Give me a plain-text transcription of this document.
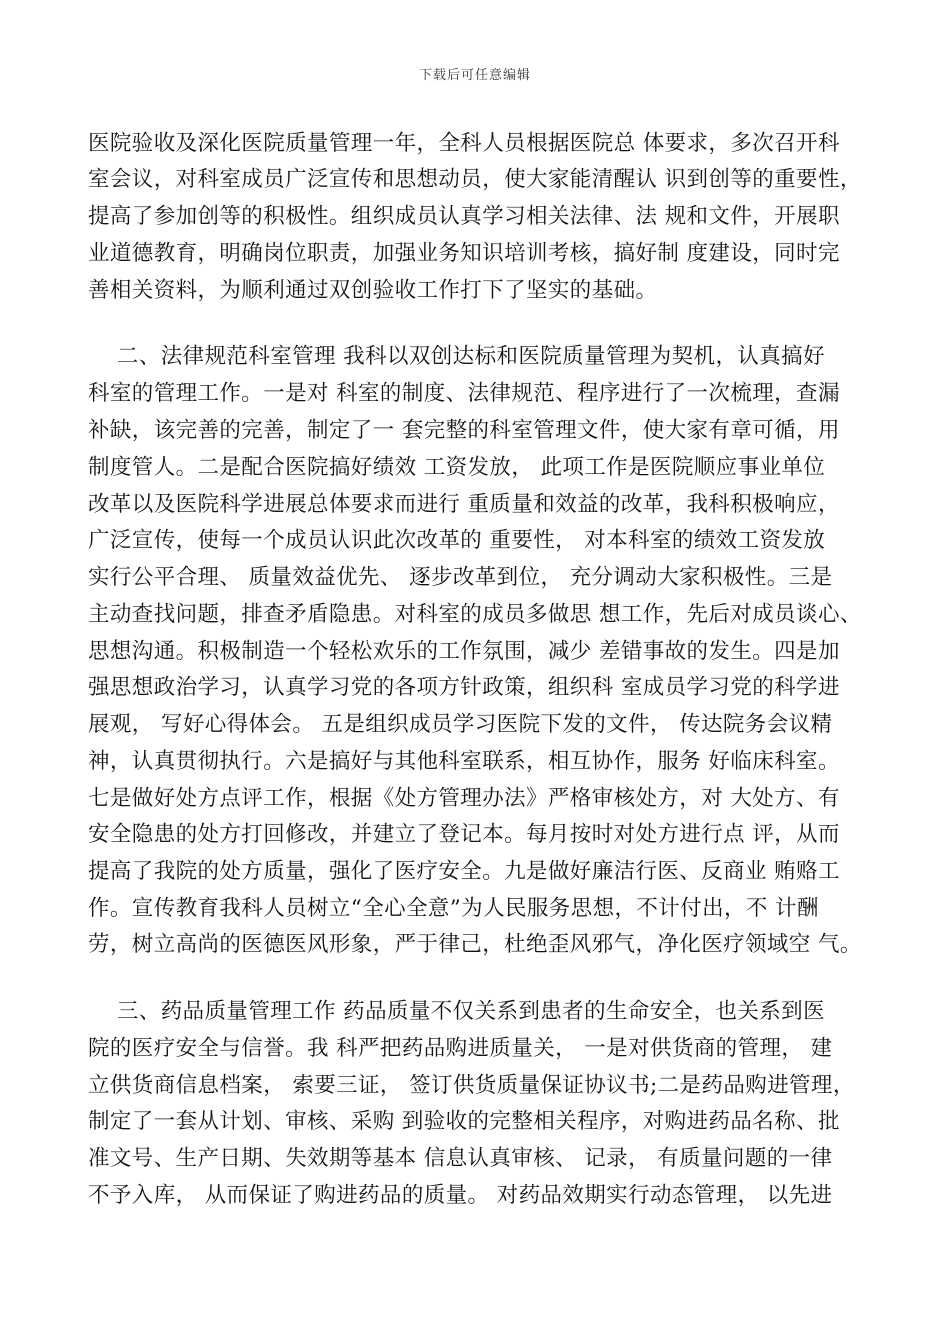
下载后可任意编辑
医院验收及深化医院质量管理一年，全科人员根据医院总 体要求，多次召开科
室会议，对科室成员广泛宣传和思想动员，使大家能清醒认 识到创等的重要性，
提高了参加创等的积极性。组织成员认真学习相关法律、法 规和文件，开展职
业道德教育，明确岗位职责，加强业务知识培训考核，搞好制 度建设，同时完
善相关资料，为顺利通过双创验收工作打下了坚实的基础。
二、法律规范科室管理 我科以双创达标和医院质量管理为契机，认真搞好
科室的管理工作。一是对 科室的制度、法律规范、程序进行了一次梳理，查漏
补缺，该完善的完善，制定了一 套完整的科室管理文件，使大家有章可循，用
制度管人。二是配合医院搞好绩效 工资发放， 此项工作是医院顺应事业单位
改革以及医院科学进展总体要求而进行 重质量和效益的改革，我科积极响应，
广泛宣传，使每一个成员认识此次改革的 重要性， 对本科室的绩效工资发放
实行公平合理、 质量效益优先、 逐步改革到位， 充分调动大家积极性。三是
主动查找问题，排查矛盾隐患。对科室的成员多做思 想工作，先后对成员谈心、
思想沟通。积极制造一个轻松欢乐的工作氛围，减少 差错事故的发生。四是加
强思想政治学习，认真学习党的各项方针政策，组织科 室成员学习党的科学进
展观， 写好心得体会。 五是组织成员学习医院下发的文件， 传达院务会议精
神，认真贯彻执行。六是搞好与其他科室联系，相互协作，服务 好临床科室。
七是做好处方点评工作，根据《处方管理办法》严格审核处方，对 大处方、有
安全隐患的处方打回修改，并建立了登记本。每月按时对处方进行点 评，从而
提高了我院的处方质量，强化了医疗安全。九是做好廉洁行医、反商业 贿赂工
作。宣传教育我科人员树立“全心全意”为人民服务思想，不计付出，不 计酬
劳，树立高尚的医德医风形象，严于律己，杜绝歪风邪气，净化医疗领域空 气。
三、药品质量管理工作 药品质量不仅关系到患者的生命安全，也关系到医
院的医疗安全与信誉。我 科严把药品购进质量关， 一是对供货商的管理， 建
立供货商信息档案， 索要三证， 签订供货质量保证协议书;二是药品购进管理，
制定了一套从计划、审核、采购 到验收的完整相关程序，对购进药品名称、批
准文号、生产日期、失效期等基本 信息认真审核、 记录， 有质量问题的一律
不予入库， 从而保证了购进药品的质量。 对药品效期实行动态管理， 以先进
